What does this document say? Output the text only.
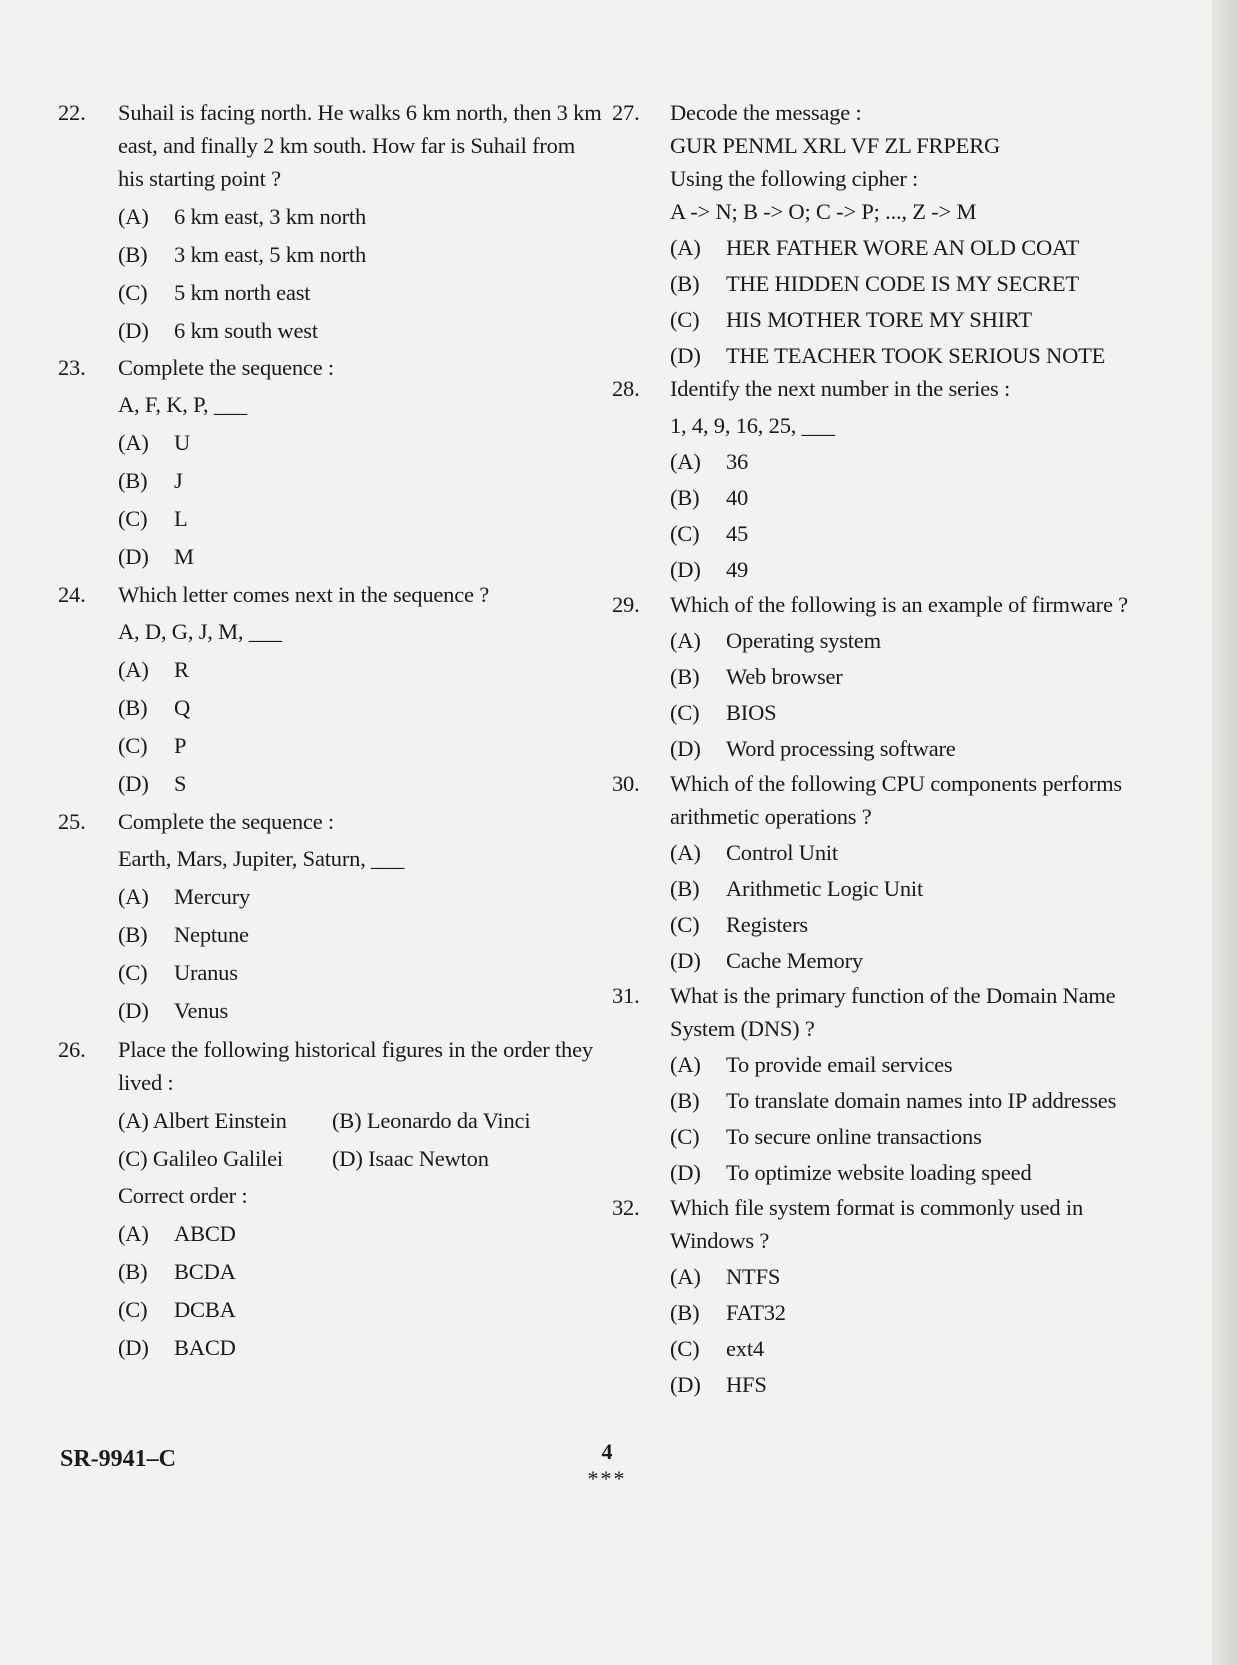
22. Suhail is facing north. He walks 6 km north, then 3 km east, and finally 2 km south. How far is Suhail from his starting point ?
(A) 6 km east, 3 km north
(B) 3 km east, 5 km north
(C) 5 km north east
(D) 6 km south west
23. Complete the sequence :
A, F, K, P, ___
(A) U
(B) J
(C) L
(D) M
24. Which letter comes next in the sequence ?
A, D, G, J, M, ___
(A) R
(B) Q
(C) P
(D) S
25. Complete the sequence :
Earth, Mars, Jupiter, Saturn, ___
(A) Mercury
(B) Neptune
(C) Uranus
(D) Venus
26. Place the following historical figures in the order they lived :
(A) Albert Einstein	(B) Leonardo da Vinci
(C) Galileo Galilei	(D) Isaac Newton
Correct order :
(A) ABCD
(B) BCDA
(C) DCBA
(D) BACD
27. Decode the message :
GUR PENML XRL VF ZL FRPERG
Using the following cipher :
A -> N; B -> O; C -> P; ..., Z -> M
(A) HER FATHER WORE AN OLD COAT
(B) THE HIDDEN CODE IS MY SECRET
(C) HIS MOTHER TORE MY SHIRT
(D) THE TEACHER TOOK SERIOUS NOTE
28. Identify the next number in the series :
1, 4, 9, 16, 25, ___
(A) 36
(B) 40
(C) 45
(D) 49
29. Which of the following is an example of firmware ?
(A) Operating system
(B) Web browser
(C) BIOS
(D) Word processing software
30. Which of the following CPU components performs arithmetic operations ?
(A) Control Unit
(B) Arithmetic Logic Unit
(C) Registers
(D) Cache Memory
31. What is the primary function of the Domain Name System (DNS) ?
(A) To provide email services
(B) To translate domain names into IP addresses
(C) To secure online transactions
(D) To optimize website loading speed
32. Which file system format is commonly used in Windows ?
(A) NTFS
(B) FAT32
(C) ext4
(D) HFS
SR-9941–C	4
***
